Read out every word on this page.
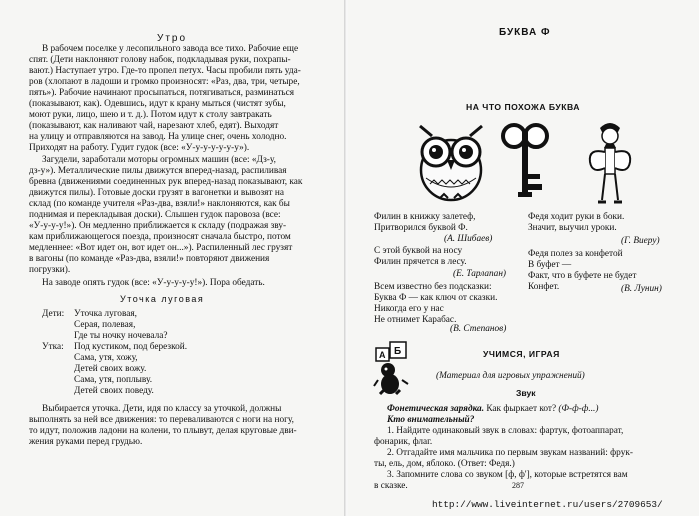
Утро
В рабочем поселке у лесопильного завода все тихо. Рабочие еще
спят. (Дети наклоняют голову набок, подкладывая руки, похрапы-
вают.) Наступает утро. Где-то пропел петух. Часы пробили пять уда-
ров (хлопают в ладоши и громко произносят: «Раз, два, три, четыре,
пять»). Рабочие начинают просыпаться, потягиваться, разминаться
(показывают, как). Одевшись, идут к крану мыться (чистят зубы,
моют руки, лицо, шею и т. д.). Потом идут к столу завтракать
(показывают, как наливают чай, нарезают хлеб, едят). Выходят
на улицу и отправляются на завод. На улице снег, очень холодно.
Приходят на работу. Гудит гудок (все: «У-у-у-у-у-у-у»).
Загудели, заработали моторы огромных машин (все: «Дз-у,
дз-у»). Металлические пилы движутся вперед-назад, распиливая
бревна (движениями соединенных рук вперед-назад показывают, как
движутся пилы). Готовые доски грузят в вагонетки и вывозят на
склад (по команде учителя «Раз-два, взяли!» наклоняются, как бы
поднимая и перекладывая доски). Слышен гудок паровоза (все:
«У-у-у-у!»). Он медленно приближается к складу (подражая зву-
кам приближающегося поезда, произносят сначала быстро, потом
медленнее: «Вот идет он, вот идет он...»). Распиленный лес грузят
в вагоны (по команде «Раз-два, взяли!» повторяют движения
погрузки).
На заводе опять гудок (все: «У-у-у-у-у!»). Пора обедать.
Уточка луговая
Дети: Уточка луговая,
Серая, полевая,
Где ты ночку ночевала?
Утка: Под кустиком, под березкой.
Сама, утя, хожу,
Детей своих вожу.
Сама, утя, поплыву.
Детей своих поведу.
Выбирается уточка. Дети, идя по классу за уточкой, должны
выполнять за ней все движения: то переваливаются с ноги на ногу,
то идут, положив ладони на колени, то плывут, делая круговые дви-
жения руками перед грудью.
БУКВА Ф
НА ЧТО ПОХОЖА БУКВА
Филин в книжку залетеф,
Притворился буквой Ф.
(А. Шибаев)
Федя ходит руки в боки.
Значит, выучил уроки.
(Г. Виеру)
С этой буквой на носу
Филин прячется в лесу.
(Е. Тарлапан)
Федя полез за конфетой
В буфет —
Факт, что в буфете не будет
Конфет.	(В. Лунин)
Всем известно без подсказки:
Буква Ф — как ключ от сказки.
Никогда его у нас
Не отнимет Карабас.
(В. Степанов)
Б
А	УЧИМСЯ, ИГРАЯ
(Материал для игровых упражнений)
Звук
Фонетическая зарядка. Как фыркает кот? (Ф-ф-ф...)
Кто внимательный?
1. Найдите одинаковый звук в словах: фартук, фотоаппарат,
фонарик, флаг.
2. Отгадайте имя мальчика по первым звукам названий: фрук-
ты, ель, дом, яблоко. (Ответ: Федя.)
3. Запомните слова со звуком [ф, ф'], которые встретятся вам
в сказке.	287
http://www.liveinternet.ru/users/2709653/
